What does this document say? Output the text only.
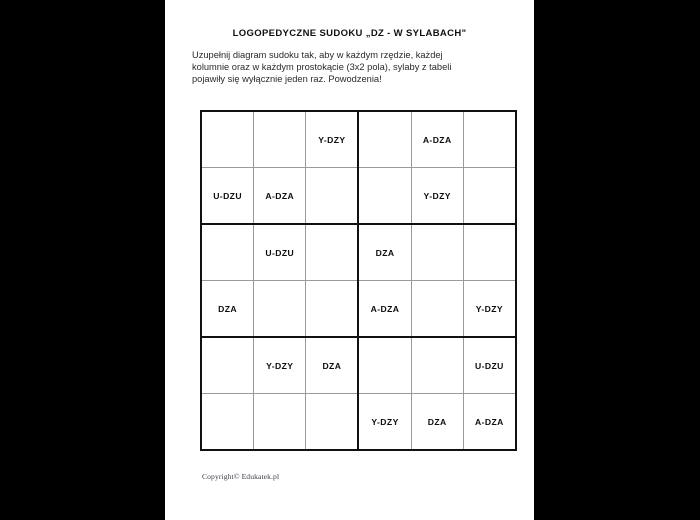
LOGOPEDYCZNE SUDOKU „DZ - W SYLABACH"

Uzupełnij diagram sudoku tak, aby w każdym rzędzie, każdej

kolumnie oraz w każdym prostokącie (3x2 pola), sylaby z tabeli

pojawiły się wyłącznie jeden raz. Powodzenia!

		Y-DZY		A-DZA	
U-DZU	A-DZA			Y-DZY	
	U-DZU		DZA		
DZA			A-DZA		Y-DZY
	Y-DZY	DZA			U-DZU
			Y-DZY	DZA	A-DZA
Copyright© Edukatek.pl
